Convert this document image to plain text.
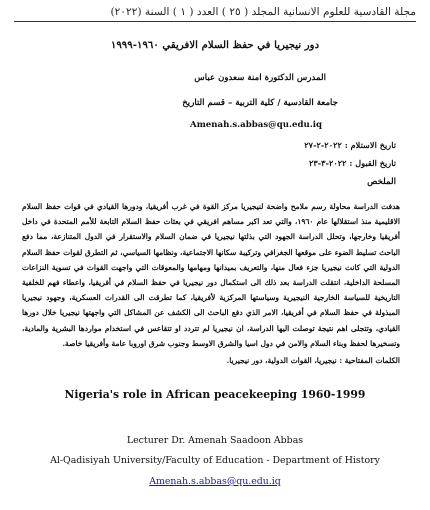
مجلة القادسية للعلوم الانسانية المجلد ( ٢٥ ) العدد ( ١ ) السنة (٢٠٢٢)
دور نيجيريا في حفظ السلام الافريقي ١٩٦٠-١٩٩٩
المدرس الدكتورة امنة سعدون عباس
جامعة القادسية / كلية التربية – قسم التاريخ
Amenah.s.abbas@qu.edu.iq
تاريخ الاستلام : ٢٠٢٢-٢-٢٧
تاريخ القبول : ٢٠٢٢-٣-٢٣
الملخص
هدفت الدراسة محاولة رسم ملامح واضحة لنيجيريا مركز القوة في غرب أفريقيا، ودورها القيادي في قوات حفظ السلام الاقليمية منذ استقلالها عام ١٩٦٠، والتي تعد اكبر مساهم افريقي في بعثات حفظ السلام التابعة للأمم المتحدة في داخل أفريقيا وخارجها، وتحلل الدراسة الجهود التي بذلتها نيجيريا في ضمان السلام والاستقرار في الدول المتنازعة، مما دفع الباحث تسليط الضوء على موقعها الجغرافي وتركيبة سكانها الاجتماعية، ونظامها السياسي، ثم التطرق لقوات حفظ السلام الدولية التي كانت نيجيريا جزء فعال منها، والتعريف بميدانها ومهامها والمعوقات التي واجهت القوات في تسوية النزاعات المسلحة الداخلية، انتقلت الدراسة بعد ذلك الى استكمال دور نيجيريا في حفظ السلام في أفريقيا، واعطاء فهم للخلفية التاريخية للسياسة الخارجية النيجيرية وسياستها المركزية لأفريقيا، كما تطرقت الى القدرات العسكرية، وجهود نيجيريا المبذولة في حفظ السلام في أفريقيا، الامر الذي دفع الباحث الى الكشف عن المشاكل التي واجهتها نيجيريا خلال دورها القيادي، وتتجلى اهم نتيجة توصلت اليها الدراسة، ان نيجيريا لم تتردد او تتقاعس في استخدام مواردها البشرية والمادية، وتسخيرها لحفظ وبناء السلام والامن في دول اسيا والشرق الاوسط وجنوب شرق اوروبا عامة وأفريقيا خاصة.
الكلمات المفتاحية : نيجيريا، القوات الدولية، دور نيجيريا.
Nigeria's role in African peacekeeping 1960-1999
Lecturer Dr. Amenah Saadoon Abbas
Al-Qadisiyah University/Faculty of Education - Department of History
Amenah.s.abbas@qu.edu.iq
